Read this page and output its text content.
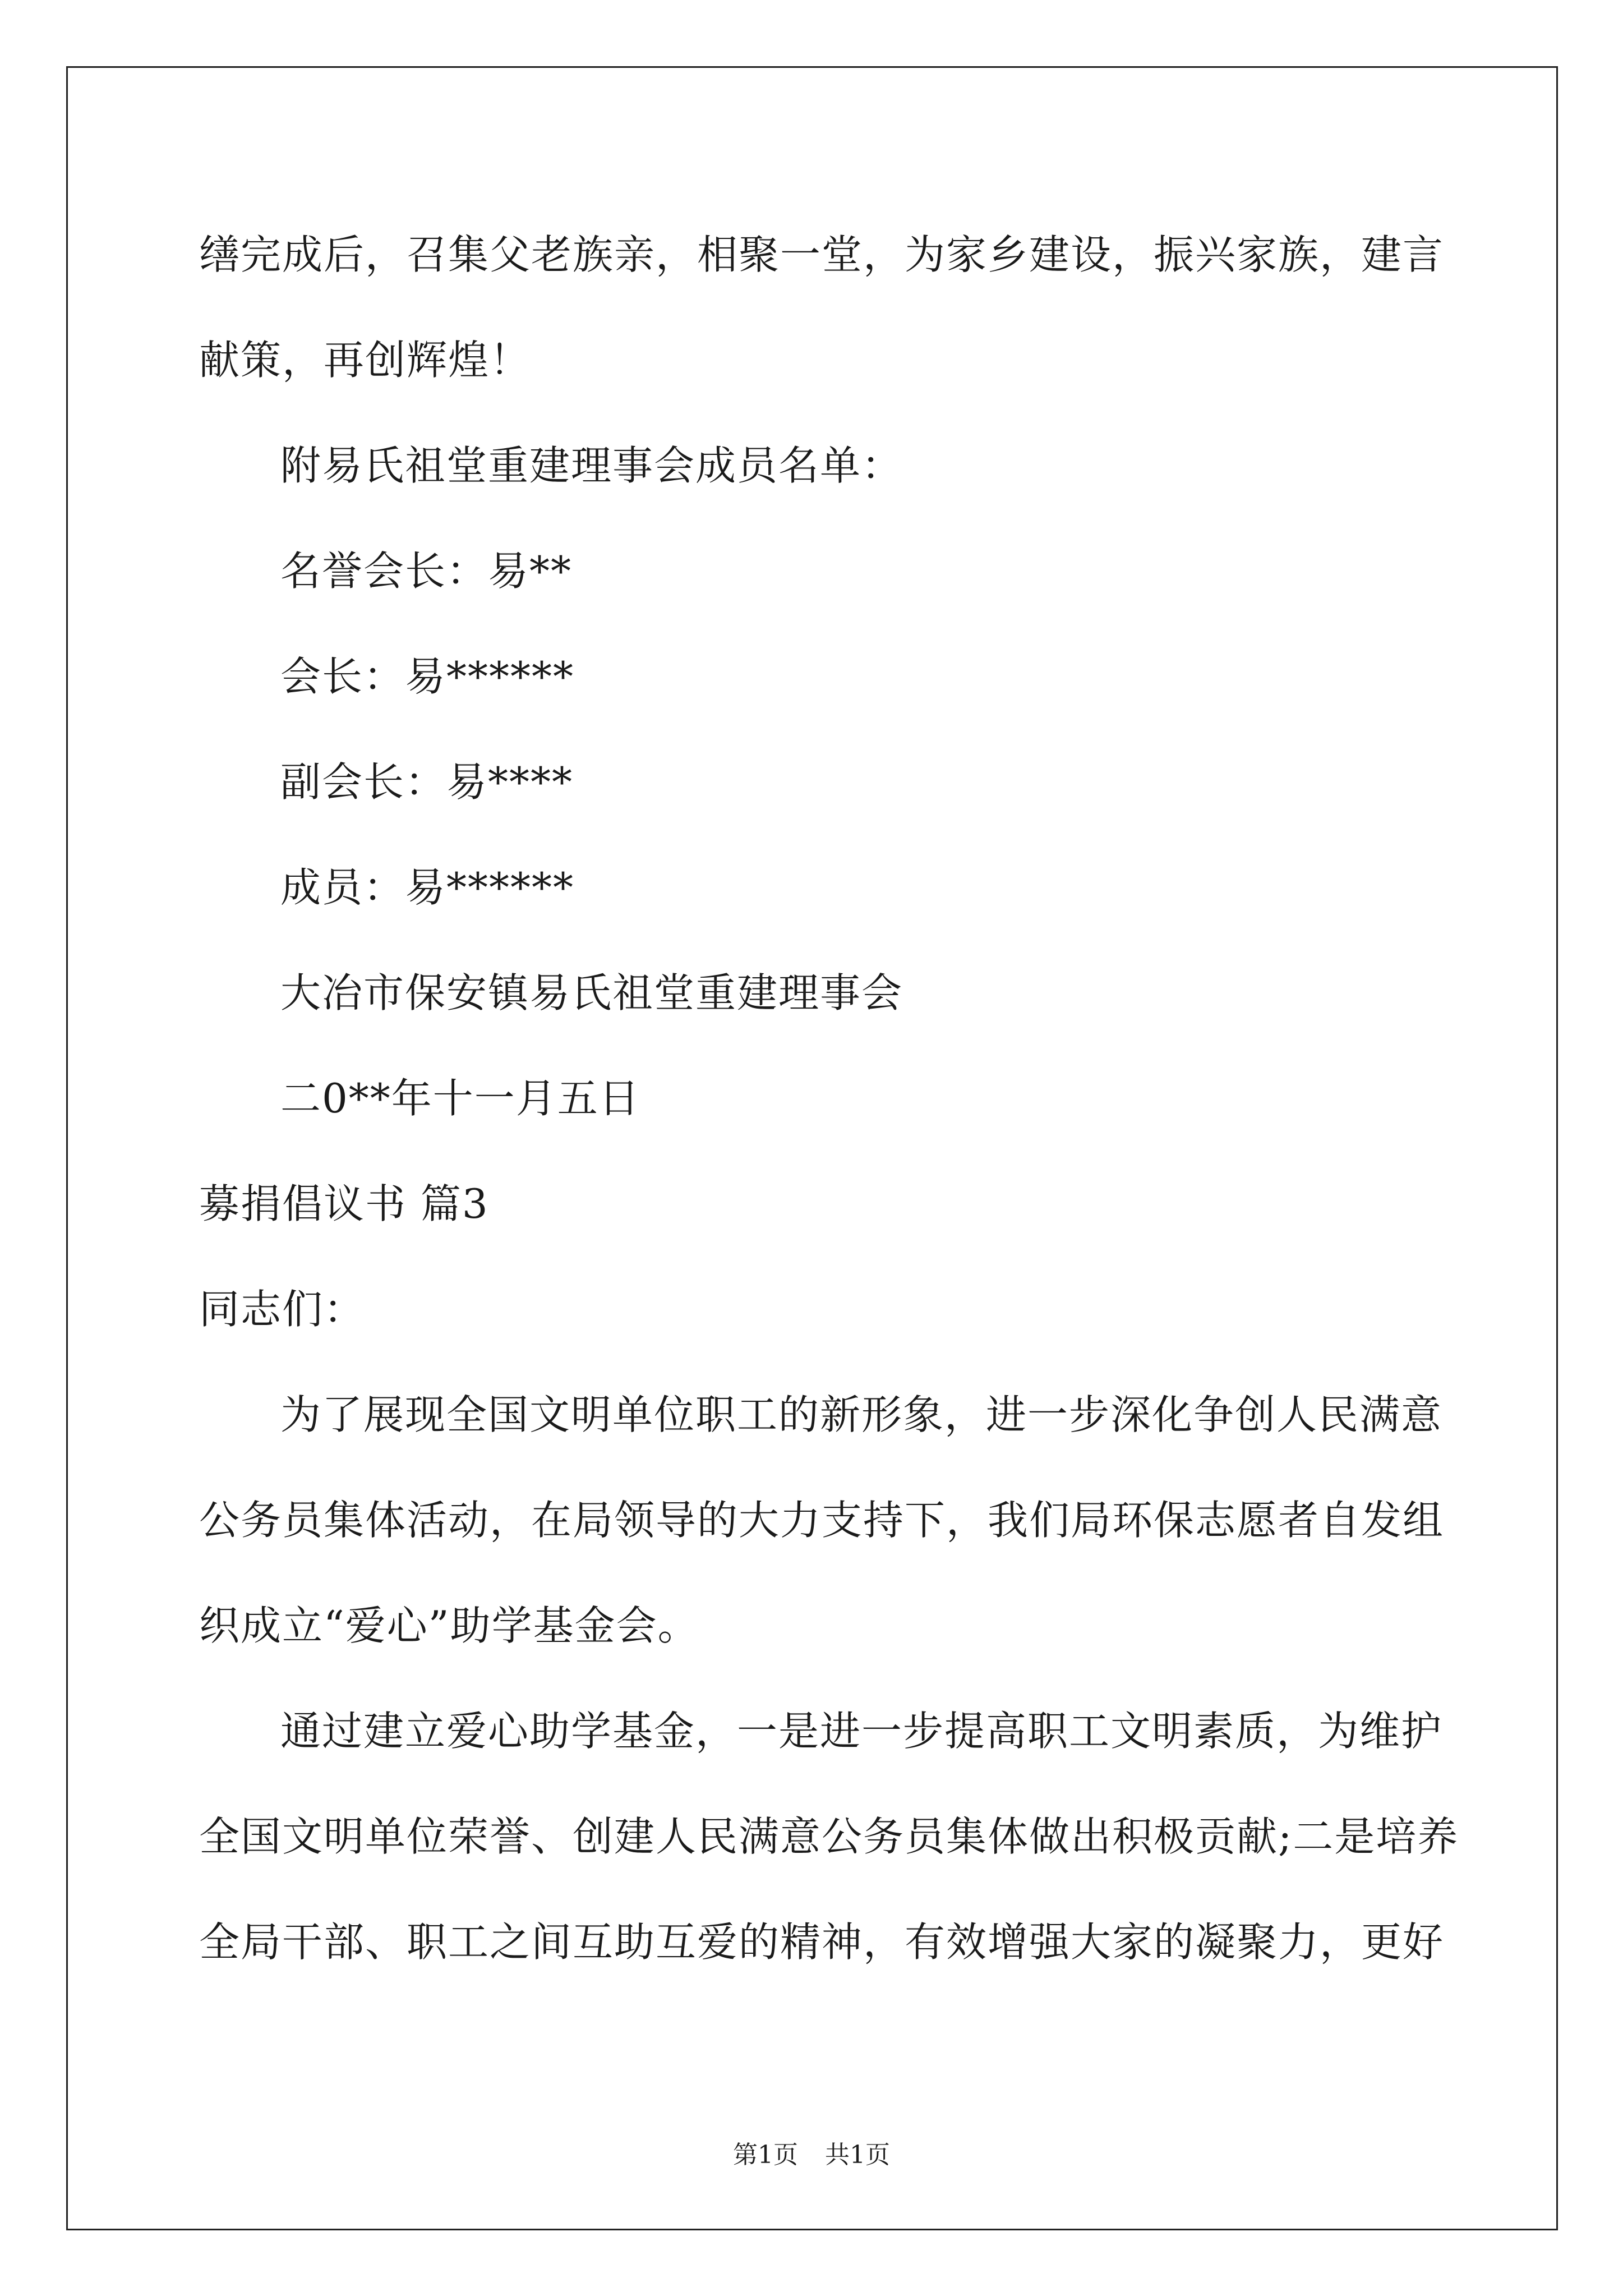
缮完成后，召集父老族亲，相聚一堂，为家乡建设，振兴家族，建言
献策，再创辉煌！
附易氏祖堂重建理事会成员名单：
名誉会长：易**
会长：易******
副会长：易****
成员：易******
大冶市保安镇易氏祖堂重建理事会
二0**年十一月五日
募捐倡议书 篇3
同志们：
为了展现全国文明单位职工的新形象，进一步深化争创人民满意
公务员集体活动，在局领导的大力支持下，我们局环保志愿者自发组
织成立“爱心”助学基金会。
通过建立爱心助学基金，一是进一步提高职工文明素质，为维护
全国文明单位荣誉、创建人民满意公务员集体做出积极贡献;二是培养
全局干部、职工之间互助互爱的精神，有效增强大家的凝聚力，更好
第1页 共1页
